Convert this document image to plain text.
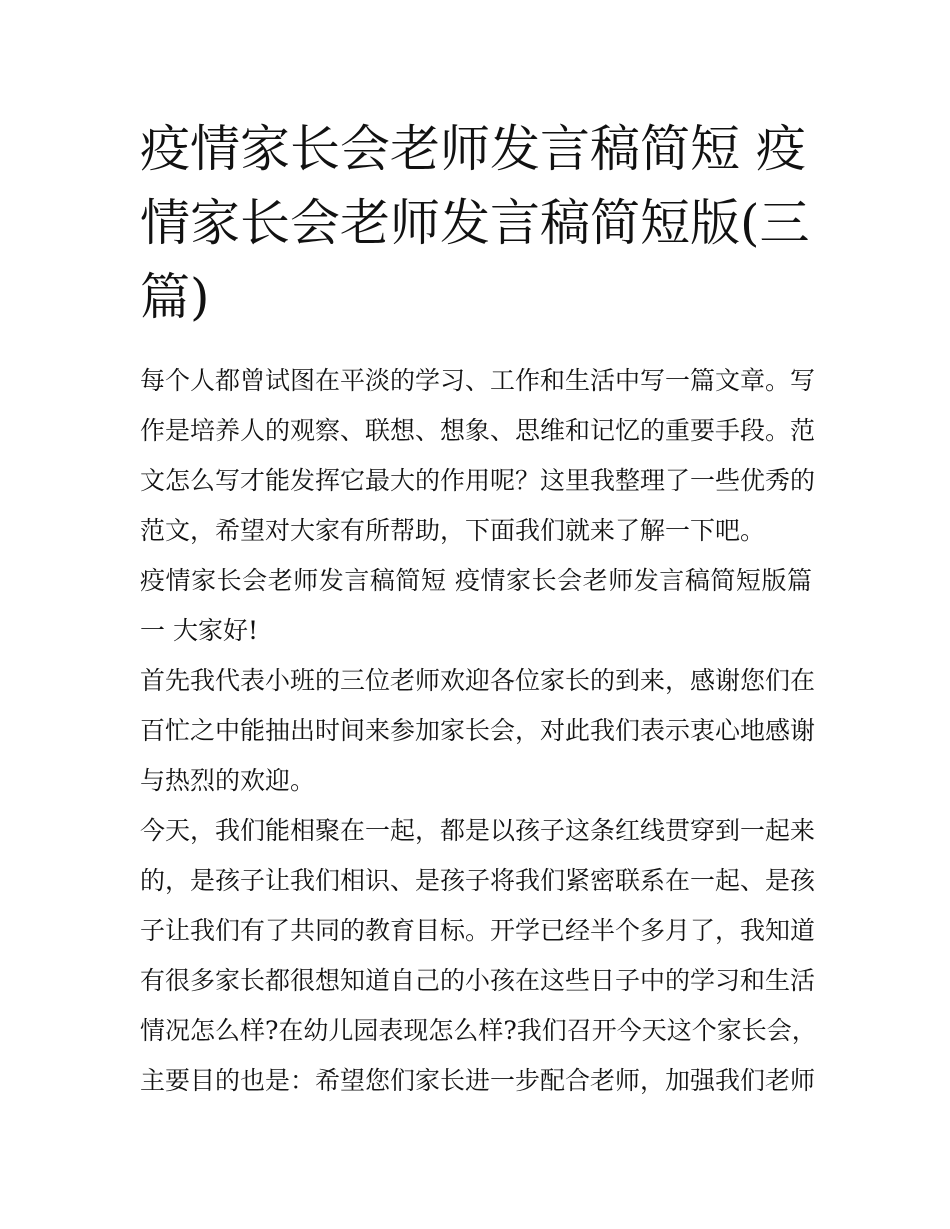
疫情家长会老师发言稿简短 疫
情家长会老师发言稿简短版(三
篇)

每个人都曾试图在平淡的学习、工作和生活中写一篇文章。写

作是培养人的观察、联想、想象、思维和记忆的重要手段。范

文怎么写才能发挥它最大的作用呢？这里我整理了一些优秀的

范文，希望对大家有所帮助，下面我们就来了解一下吧。

疫情家长会老师发言稿简短 疫情家长会老师发言稿简短版篇

一 大家好!

首先我代表小班的三位老师欢迎各位家长的到来，感谢您们在

百忙之中能抽出时间来参加家长会，对此我们表示衷心地感谢

与热烈的欢迎。

今天，我们能相聚在一起，都是以孩子这条红线贯穿到一起来

的，是孩子让我们相识、是孩子将我们紧密联系在一起、是孩

子让我们有了共同的教育目标。开学已经半个多月了，我知道

有很多家长都很想知道自己的小孩在这些日子中的学习和生活

情况怎么样?在幼儿园表现怎么样?我们召开今天这个家长会，

主要目的也是：希望您们家长进一步配合老师，加强我们老师
